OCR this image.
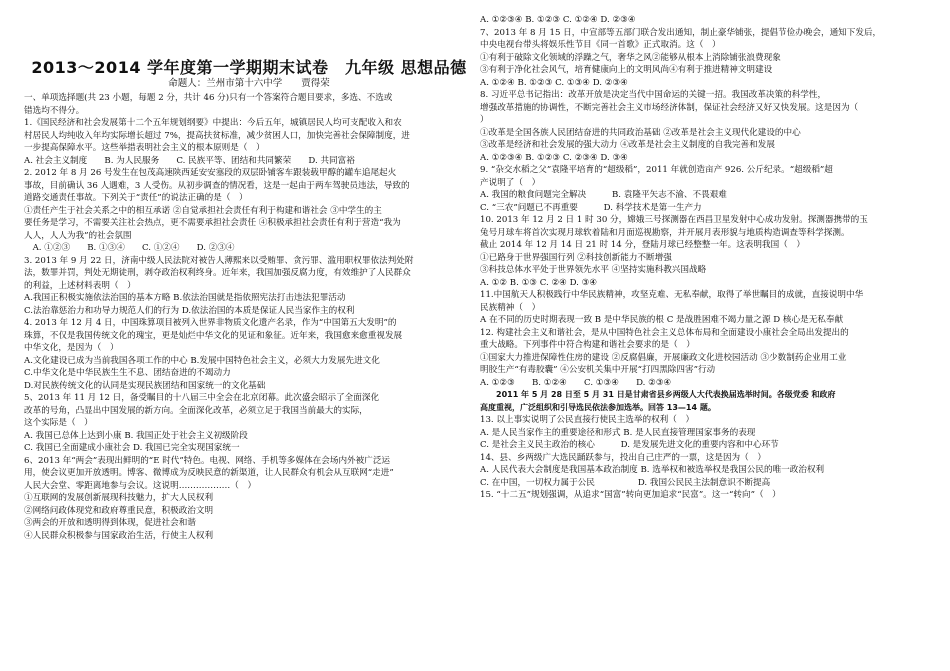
2013～2014 学年度第一学期期末试卷　九年级 思想品德
命题人：兰州市第十六中学　　贾得荣
一、单项选择题(共 23 小题，每题 2 分，共计 46 分)只有一个答案符合题目要求，多选、不选或
错选均不得分。
1.《国民经济和社会发展第十二个五年规划纲要》中提出：今后五年，城镇居民人均可支配收入和农
村居民人均纯收入年均实际增长超过 7%，提高扶贫标准，减少贫困人口，加快完善社会保障制度，进
一步提高保障水平。这些举措表明社会主义的根本原则是（　）
A. 社会主义制度　　B. 为人民服务　　C. 民族平等、团结和共同繁荣　　D. 共同富裕
2. 2012 年 8 月 26 号发生在包茂高速陕西延安安塞段的双层卧铺客车跟装载甲醇的罐车追尾起火
事故，目前确认 36 人遇难，3 人受伤。从初步调查的情况看，这是一起由于两车驾驶员违法，导致的
道路交通责任事故。下列关于“责任”的说法正确的是（　）
①责任产生于社会关系之中的相互承诺 ②自觉承担社会责任有利于构建和谐社会 ③中学生的主
要任务是学习，不需要关注社会热点，更不需要承担社会责任 ④积极承担社会责任有利于营造“我为
人人，人人为我”的社会氛围
　A. ①②③　　B. ①③④　　C. ①②④　　D. ②③④
3. 2013 年 9 月 22 日，济南中级人民法院对被告人薄熙来以受贿罪、贪污罪、滥用职权罪依法判处附
法，数罪并罚，判处无期徒刑，剥夺政治权利终身。近年来，我国加强反腐力度，有效维护了人民群众
的利益，上述材料表明（　）
A.我国正积极实施依法治国的基本方略 B.依法治国就是指依照宪法打击违法犯罪活动
C.法治靠惩治力和功导力规范人们的行为 D.依法治国的本质是保证人民当家作主的权利
4. 2013 年 12 月 4 日，中国珠算项目被列入世界非物质文化遗产名录，作为“中国第五大发明”的
珠算，不仅是我国传统文化的瑰宝，更是灿烂中华文化的见证和象征。近年来，我国愈来愈重视发展
中华文化，是因为（　）
A.文化建设已成为当前我国各项工作的中心 B.发展中国特色社会主义，必须大力发展先进文化
C.中华文化是中华民族生生不息、团结奋进的不竭动力
D.对民族传统文化的认同是实现民族团结和国家统一的文化基础
5、2013 年 11 月 12 日，备受瞩目的十八届三中全会在北京闭幕。此次盛会昭示了全面深化
改革的号角，凸显出中国发展的新方向。全面深化改革，必须立足于我国当前最大的实际，
这个实际是（　）
A. 我国已总体上达到小康 B. 我国正处于社会主义初级阶段
C. 我国已全面建成小康社会 D. 我国已完全实现国家统一
6、2013 年“两会”表现出鲜明的“E 时代”特色。电视、网络、手机等多媒体在会场内外被广泛运
用，使会议更加开放透明。博客、微博成为反映民意的新渠道，让人民群众有机会从互联网“走进”
人民大会堂、零距离地参与会议。这说明………………（　）
①互联网的发展创新展现科技魅力，扩大人民权利
②网络问政体现党和政府尊重民意，积极政治文明
③两会的开放和透明得到体现，促进社会和谐
④人民群众积极参与国家政治生活，行使主人权利
A. ①②③④ B. ①②③ C. ①②④ D. ②③④
7、2013 年 8 月 15 日，中宣部等五部门联合发出通知，制止豪华铺张，提倡节俭办晚会，通知下发后，
中央电视台带头将娱乐性节目《同一首歌》正式取消。这（　）
①有利于破除文化领域的浮躁之气，奢华之风②能够从根本上消除铺张浪费现象
③有利于净化社会风气，培育健康向上的文明风尚④有利于推进精神文明建设
A. ①②④ B. ①②③ C. ①③④ D. ②③④
8. 习近平总书记指出：改革开放是决定当代中国命运的关键一招。我国改革决策的科学性，
增强改革措施的协调性，不断完善社会主义市场经济体制，保证社会经济又好又快发展。这是因为（
）
①改革是全国各族人民团结奋进的共同政治基础 ②改革是社会主义现代化建设的中心
③改革是经济和社会发展的强大动力 ④改革是社会主义制度的自我完善和发展
A. ①②③④ B. ①②③ C. ②③④ D. ③④
9. “杂交水稻之父”袁隆平培育的“超级稻”，2011 年就创造亩产 926. 公斤纪录。“超级稻”超
产说明了（　）
A. 我国的粮食问题完全解决　　　B. 袁隆平矢志不渝、不畏艰难
C. “三农”问题已不再重要　　　D. 科学技术是第一生产力
10. 2013 年 12 月 2 日 1 时 30 分，嫦娥三号探测器在西昌卫星发射中心成功发射。探测器携带的玉
兔号月球车将首次实现月球软着陆和月面巡视勘察，并开展月表形貌与地质构造调查等科学探测。
截止 2014 年 12 月 14 日 21 时 14 分，登陆月球已经整整一年。这表明我国（　）
①已路身于世界强国行列 ②科技创新能力不断增强
③科技总体水平处于世界领先水平 ④坚持实施科教兴国战略
A. ①② B. ①③ C. ②④ D. ③④
11.中国航天人积极践行中华民族精神，攻坚克难、无私奉献，取得了举世瞩目的成就，直接说明中华
民族精神（　）
A 在不同的历史时期表现一致 B 是中华民族的根 C 是战胜困难不竭力量之源 D 核心是无私奉献
12. 构建社会主义和谐社会，是从中国特色社会主义总体布局和全面建设小康社会全局出发提出的
重大战略。下列事件中符合构建和谐社会要求的是（　）
①国家大力推进保障性住房的建设 ②反腐倡廉，开展廉政文化进校园活动 ③少数制药企业用工业
明胶生产“有毒胶囊” ④公安机关集中开展“打四黑除四害”行动
A. ①②③　　B. ①②④　　C. ①③④　　D. ②③④
　　2011 年 5 月 28 日至 5 月 31 日是甘肃省县乡两级人大代表换届选举时间。各级党委 和政府
高度重视，广泛组织和引导选民依法参加选举。回答 13—14 题。
13. 以上事实说明了公民直接行使民主选举的权利（　）
A. 是人民当家作主的重要途径和形式 B. 是人民直接管理国家事务的表现
C. 是社会主义民主政治的核心　　　D. 是发展先进文化的重要内容和中心环节
14、县、乡两级广大选民踊跃参与，投出自己庄严的一票，这是因为（　）
A. 人民代表大会制度是我国基本政治制度 B. 选举权和被选举权是我国公民的唯一政治权利
C. 在中国，一切权力属于公民　　　　　D. 我国公民民主法制意识不断提高
15. “十二五”规划强调，从追求“国富”转向更加追求“民富”。这一“转向”（　）
